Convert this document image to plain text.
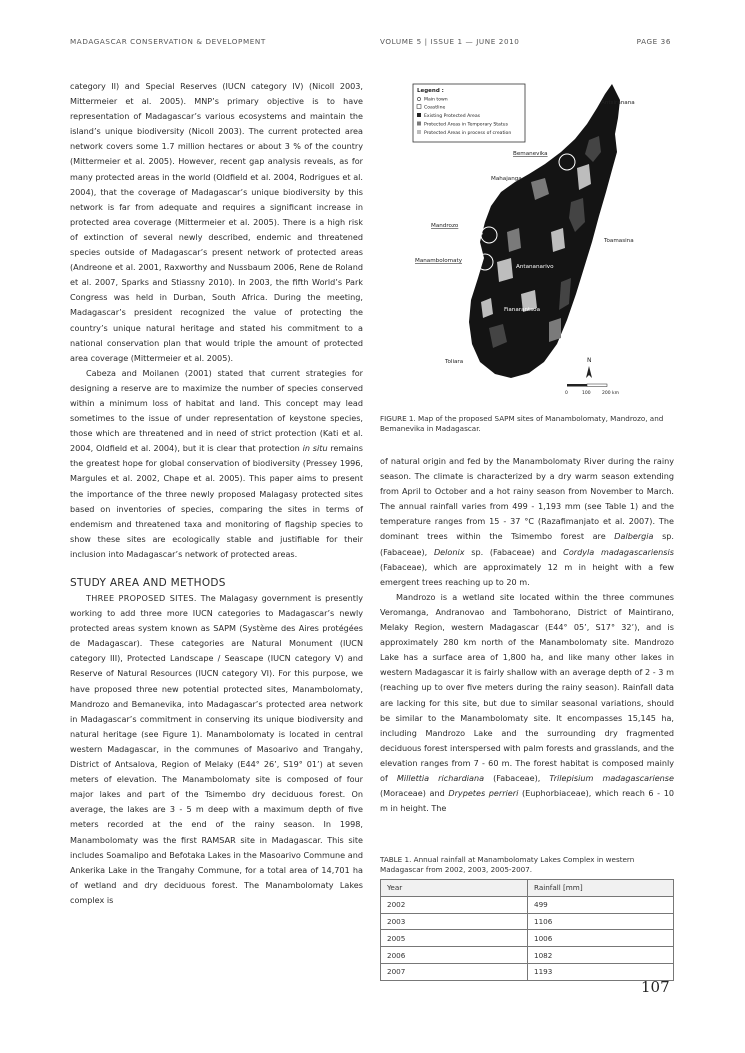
MADAGASCAR CONSERVATION & DEVELOPMENT	VOLUME 5 | ISSUE 1 — JUNE 2010	PAGE 36

category II) and Special Reserves (IUCN category IV) (Nicoll 2003, Mittermeier et al. 2005). MNP’s primary objective is to have representation of Madagascar’s various ecosystems and maintain the island’s unique biodiversity (Nicoll 2003). The current protected area network covers some 1.7 million hectares or about 3 % of the country (Mittermeier et al. 2005). However, recent gap analysis reveals, as for many protected areas in the world (Oldfield et al. 2004, Rodrigues et al. 2004), that the coverage of Madagascar’s unique biodiversity by this network is far from adequate and requires a significant increase in protected area coverage (Mittermeier et al. 2005). There is a high risk of extinction of several newly described, endemic and threatened species outside of Madagascar’s present network of protected areas (Andreone et al. 2001, Raxworthy and Nussbaum 2006, Rene de Roland et al. 2007, Sparks and Stiassny 2010). In 2003, the fifth World’s Park Congress was held in Durban, South Africa. During the meeting, Madagascar’s president recognized the value of protecting the country’s unique natural heritage and stated his commitment to a national conservation plan that would triple the amount of protected area coverage (Mittermeier et al. 2005).

Cabeza and Moilanen (2001) stated that current strategies for designing a reserve are to maximize the number of species conserved within a minimum loss of habitat and land. This concept may lead sometimes to the issue of under representation of keystone species, those which are threatened and in need of strict protection (Kati et al. 2004, Oldfield et al. 2004), but it is clear that protection in situ remains the greatest hope for global conservation of biodiversity (Pressey 1996, Margules et al. 2002, Chape et al. 2005). This paper aims to present the importance of the three newly proposed Malagasy protected sites based on inventories of species, comparing the sites in terms of endemism and threatened taxa and monitoring of flagship species to show these sites are ecologically stable and justifiable for their inclusion into Madagascar’s network of protected areas.

STUDY AREA AND METHODS

THREE PROPOSED SITES. The Malagasy government is presently working to add three more IUCN categories to Madagascar’s newly protected areas system known as SAPM (Système des Aires protégées de Madagascar). These categories are Natural Monument (IUCN category III), Protected Landscape / Seascape (IUCN category V) and Reserve of Natural Resources (IUCN category VI). For this purpose, we have proposed three new potential protected sites, Manambolomaty, Mandrozo and Bemanevika, into Madagascar’s protected area network in Madagascar’s commitment in conserving its unique biodiversity and natural heritage (see Figure 1). Manambolomaty is located in central western Madagascar, in the communes of Masoarivo and Trangahy, District of Antsalova, Region of Melaky (E44° 26’, S19° 01’) at seven meters of elevation. The Manambolomaty site is composed of four major lakes and part of the Tsimembo dry deciduous forest. On average, the lakes are 3 - 5 m deep with a maximum depth of five meters recorded at the end of the rainy season. In 1998, Manambolomaty was the first RAMSAR site in Madagascar. This site includes Soamalipo and Befotaka Lakes in the Masoarivo Commune and Ankerika Lake in the Trangahy Commune, for a total area of 14,701 ha of wetland and dry deciduous forest. The Manambolomaty Lakes complex is

Legend :
Main town
Coastline
Existing Protected Areas
Protected Areas in Temporary Status
Protected Areas in process of creation
Antsiranana
Bemanevika
Mahajanga
Mandrozo
Toamasina
Manambolomaty
Antananarivo
Fianarantsoa
Toliara	N
0	100	200 km
FIGURE 1. Map of the proposed SAPM sites of Manambolomaty, Mandrozo, and Bemanevika in Madagascar.

of natural origin and fed by the Manambolomaty River during the rainy season. The climate is characterized by a dry warm season extending from April to October and a hot rainy season from November to March. The annual rainfall varies from 499 - 1,193 mm (see Table 1) and the temperature ranges from 15 - 37 °C (Razafimanjato et al. 2007). The dominant trees within the Tsimembo forest are Dalbergia sp. (Fabaceae), Delonix sp. (Fabaceae) and Cordyla madagascariensis (Fabaceae), which are approximately 12 m in height with a few emergent trees reaching up to 20 m.

Mandrozo is a wetland site located within the three communes Veromanga, Andranovao and Tambohorano, District of Maintirano, Melaky Region, western Madagascar (E44° 05’, S17° 32’), and is approximately 280 km north of the Manambolomaty site. Mandrozo Lake has a surface area of 1,800 ha, and like many other lakes in western Madagascar it is fairly shallow with an average depth of 2 - 3 m (reaching up to over five meters during the rainy season). Rainfall data are lacking for this site, but due to similar seasonal variations, should be similar to the Manambolomaty site. It encompasses 15,145 ha, including Mandrozo Lake and the surrounding dry fragmented deciduous forest interspersed with palm forests and grasslands, and the elevation ranges from 7 - 60 m. The forest habitat is composed mainly of Millettia richardiana (Fabaceae), Trilepisium madagascariense (Moraceae) and Drypetes perrieri (Euphorbiaceae), which reach 6 - 10 m in height. The

TABLE 1. Annual rainfall at Manambolomaty Lakes Complex in western Madagascar from 2002, 2003, 2005-2007.
Year	Rainfall [mm]
2002	499
2003	1106
2005	1006
2006	1082
2007	1193
107
